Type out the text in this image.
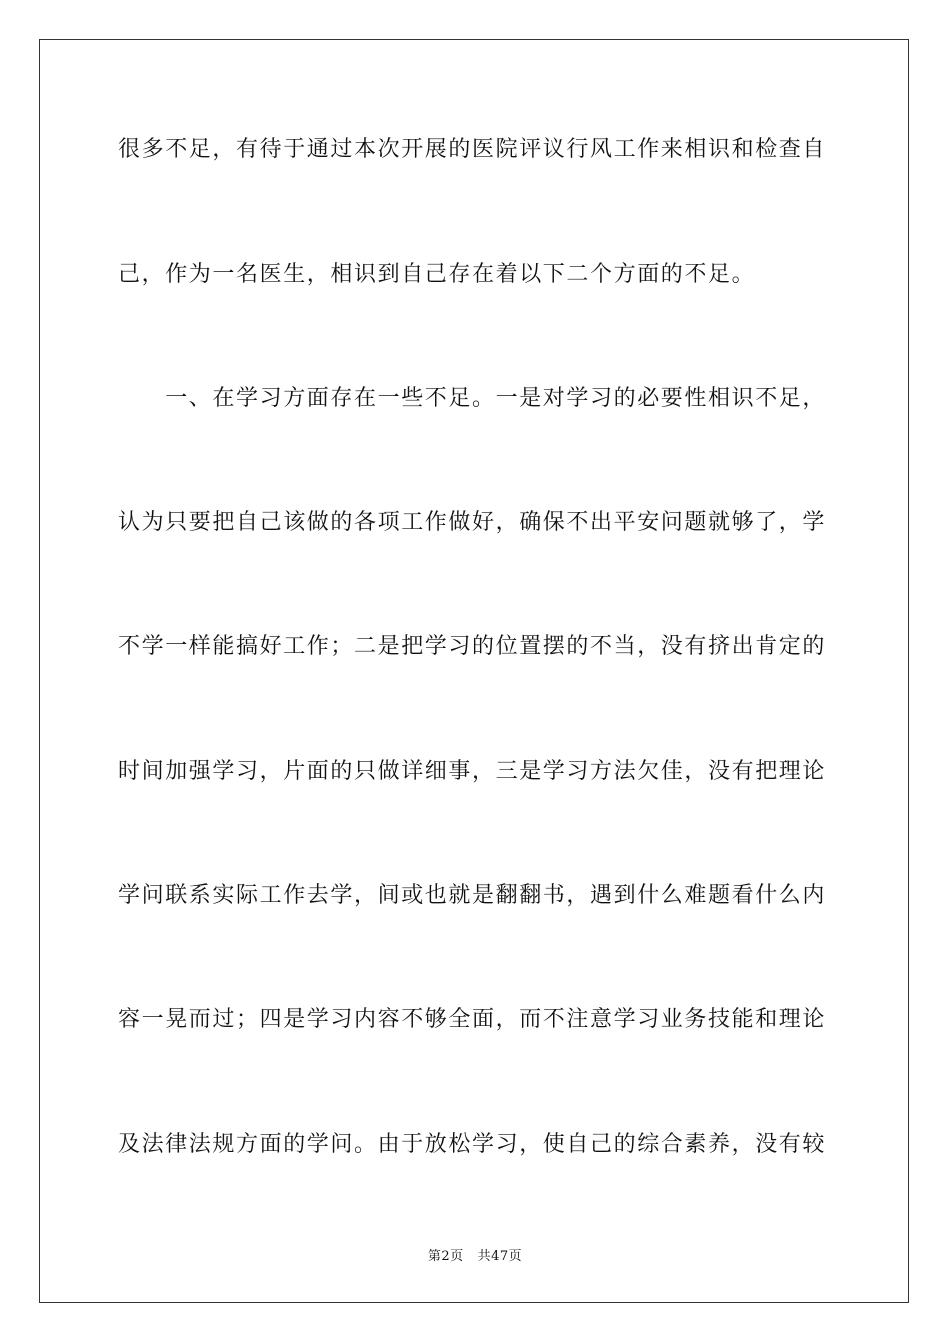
很多不足，有待于通过本次开展的医院评议行风工作来相识和检查自
己，作为一名医生，相识到自己存在着以下二个方面的不足。
　　一、在学习方面存在一些不足。一是对学习的必要性相识不足，
认为只要把自己该做的各项工作做好，确保不出平安问题就够了，学
不学一样能搞好工作；二是把学习的位置摆的不当，没有挤出肯定的
时间加强学习，片面的只做详细事，三是学习方法欠佳，没有把理论
学问联系实际工作去学，间或也就是翻翻书，遇到什么难题看什么内
容一晃而过；四是学习内容不够全面，而不注意学习业务技能和理论
及法律法规方面的学问。由于放松学习，使自己的综合素养，没有较
第2页 共47页
